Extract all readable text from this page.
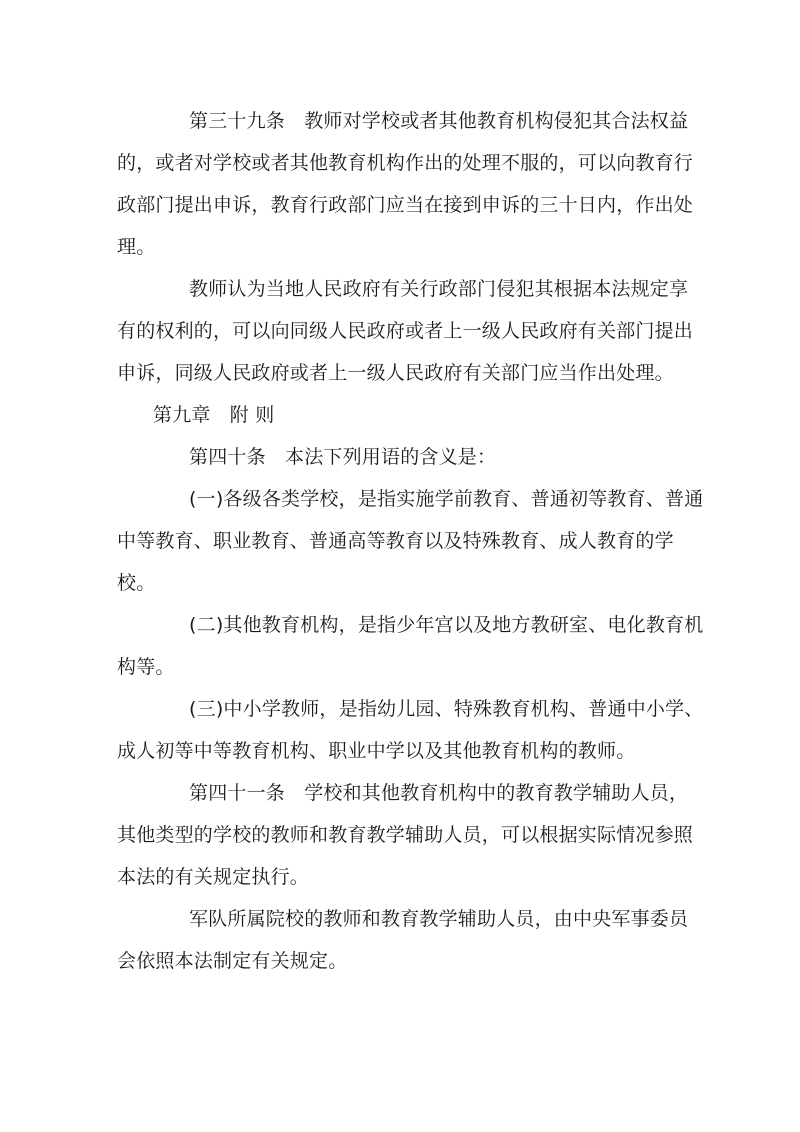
第三十九条　教师对学校或者其他教育机构侵犯其合法权益
的，或者对学校或者其他教育机构作出的处理不服的，可以向教育行
政部门提出申诉，教育行政部门应当在接到申诉的三十日内，作出处
理。
教师认为当地人民政府有关行政部门侵犯其根据本法规定享
有的权利的，可以向同级人民政府或者上一级人民政府有关部门提出
申诉，同级人民政府或者上一级人民政府有关部门应当作出处理。
第九章　附 则
第四十条　本法下列用语的含义是：
(一)各级各类学校，是指实施学前教育、普通初等教育、普通
中等教育、职业教育、普通高等教育以及特殊教育、成人教育的学
校。
(二)其他教育机构，是指少年宫以及地方教研室、电化教育机
构等。
(三)中小学教师，是指幼儿园、特殊教育机构、普通中小学、
成人初等中等教育机构、职业中学以及其他教育机构的教师。
第四十一条　学校和其他教育机构中的教育教学辅助人员，
其他类型的学校的教师和教育教学辅助人员，可以根据实际情况参照
本法的有关规定执行。
军队所属院校的教师和教育教学辅助人员，由中央军事委员
会依照本法制定有关规定。
